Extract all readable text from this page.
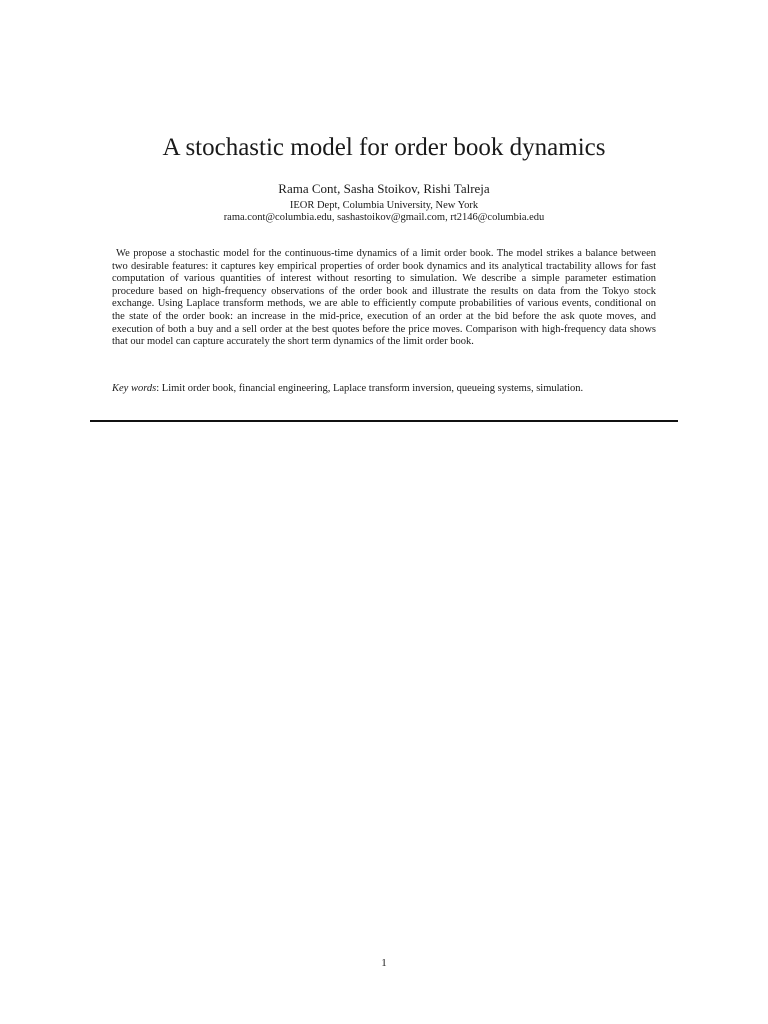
A stochastic model for order book dynamics
Rama Cont, Sasha Stoikov, Rishi Talreja
IEOR Dept, Columbia University, New York
rama.cont@columbia.edu, sashastoikov@gmail.com, rt2146@columbia.edu

We propose a stochastic model for the continuous-time dynamics of a limit order book. The model strikes a balance between two desirable features: it captures key empirical properties of order book dynamics and its analytical tractability allows for fast computation of various quantities of interest without resorting to simulation. We describe a simple parameter estimation procedure based on high-frequency observations of the order book and illustrate the results on data from the Tokyo stock exchange. Using Laplace transform methods, we are able to efficiently compute probabilities of various events, conditional on the state of the order book: an increase in the mid-price, execution of an order at the bid before the ask quote moves, and execution of both a buy and a sell order at the best quotes before the price moves. Comparison with high-frequency data shows that our model can capture accurately the short term dynamics of the limit order book.

Key words: Limit order book, financial engineering, Laplace transform inversion, queueing systems, simulation.

1
